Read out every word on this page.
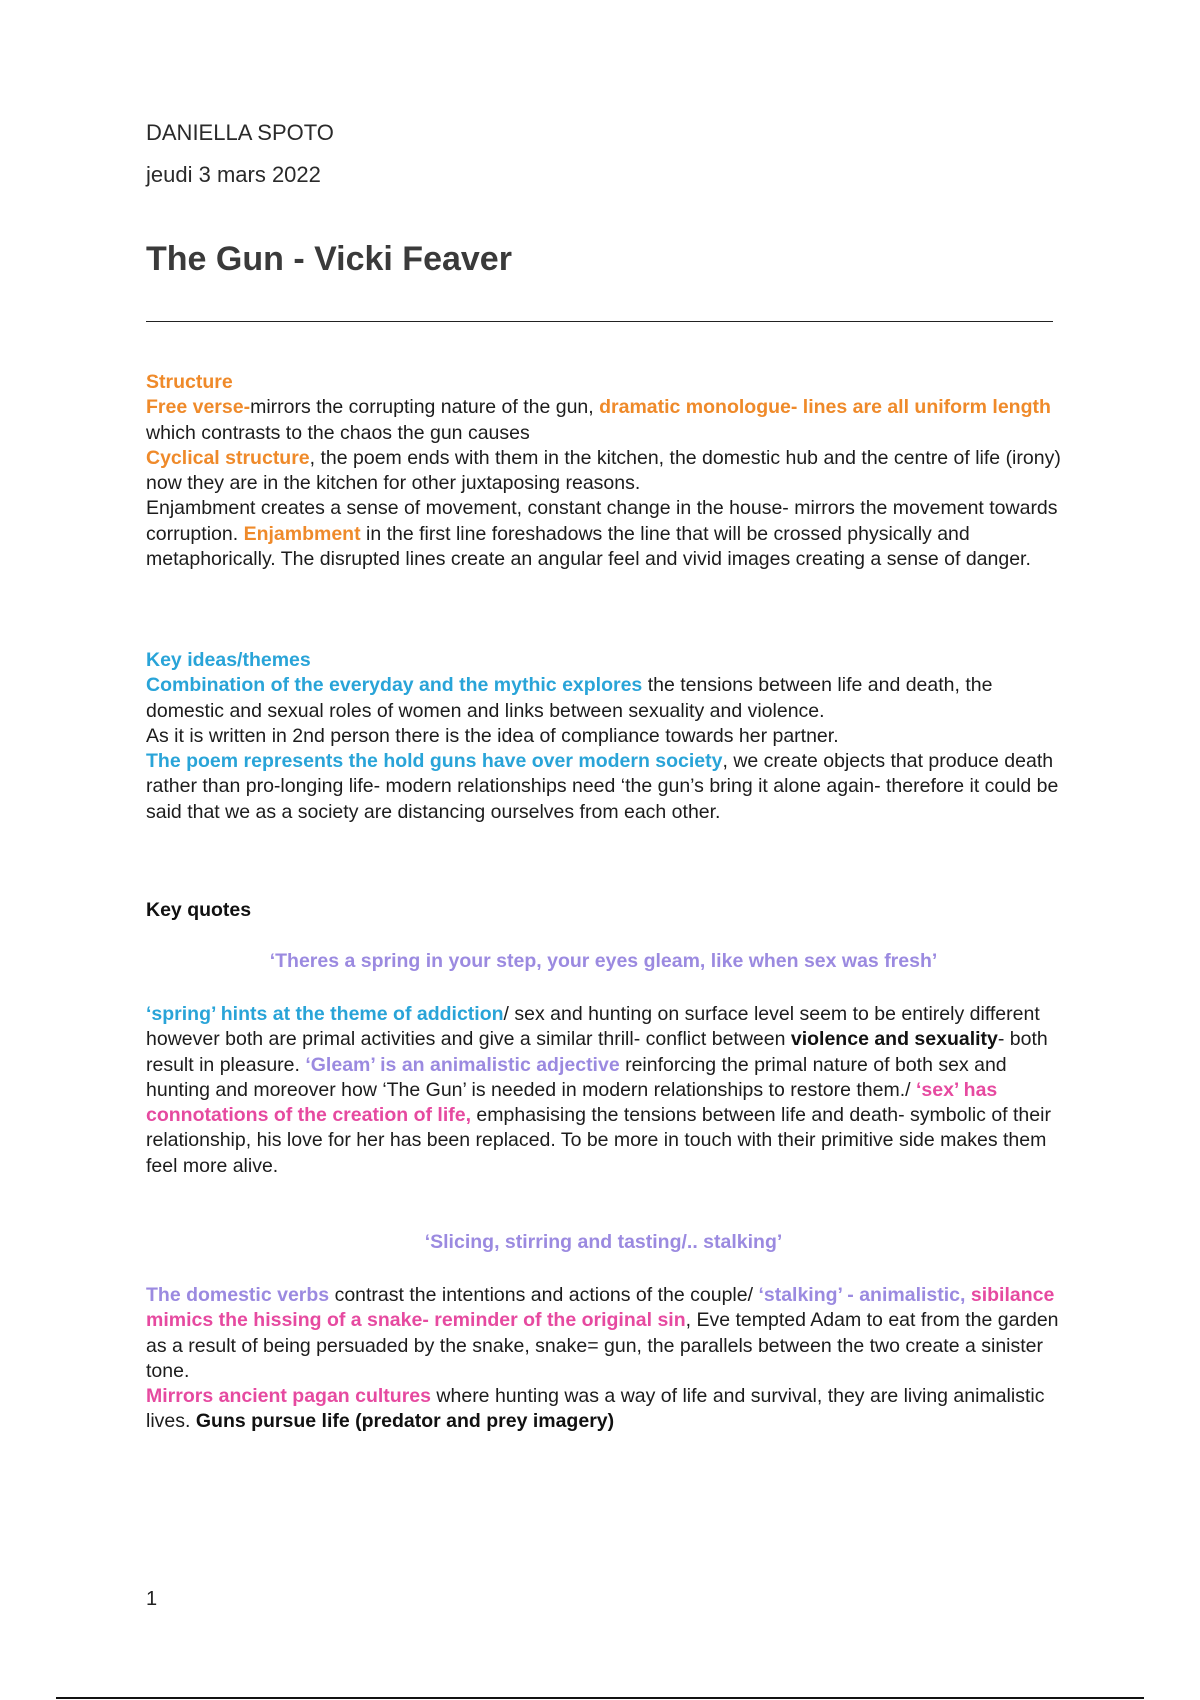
DANIELLA SPOTO
jeudi 3 mars 2022
The Gun - Vicki Feaver

Structure

Free verse-mirrors the corrupting nature of the gun, dramatic monologue- lines are all uniform length which contrasts to the chaos the gun causes

Cyclical structure, the poem ends with them in the kitchen, the domestic hub and the centre of life (irony) now they are in the kitchen for other juxtaposing reasons.

Enjambment creates a sense of movement, constant change in the house- mirrors the movement towards corruption. Enjambment in the first line foreshadows the line that will be crossed physically and metaphorically. The disrupted lines create an angular feel and vivid images creating a sense of danger.

Key ideas/themes

Combination of the everyday and the mythic explores the tensions between life and death, the domestic and sexual roles of women and links between sexuality and violence.

As it is written in 2nd person there is the idea of compliance towards her partner.

The poem represents the hold guns have over modern society, we create objects that produce death rather than pro-longing life- modern relationships need ‘the gun’s bring it alone again- therefore it could be said that we as a society are distancing ourselves from each other.

Key quotes

‘Theres a spring in your step, your eyes gleam, like when sex was fresh’

‘spring’ hints at the theme of addiction/ sex and hunting on surface level seem to be entirely different however both are primal activities and give a similar thrill- conflict between violence and sexuality- both result in pleasure. ‘Gleam’ is an animalistic adjective reinforcing the primal nature of both sex and hunting and moreover how ‘The Gun’ is needed in modern relationships to restore them./ ‘sex’ has connotations of the creation of life, emphasising the tensions between life and death- symbolic of their relationship, his love for her has been replaced. To be more in touch with their primitive side makes them feel more alive.

‘Slicing, stirring and tasting/.. stalking’

The domestic verbs contrast the intentions and actions of the couple/ ‘stalking’ - animalistic, sibilance mimics the hissing of a snake- reminder of the original sin, Eve tempted Adam to eat from the garden as a result of being persuaded by the snake, snake= gun, the parallels between the two create a sinister tone.

Mirrors ancient pagan cultures where hunting was a way of life and survival, they are living animalistic lives. Guns pursue life (predator and prey imagery)

1
